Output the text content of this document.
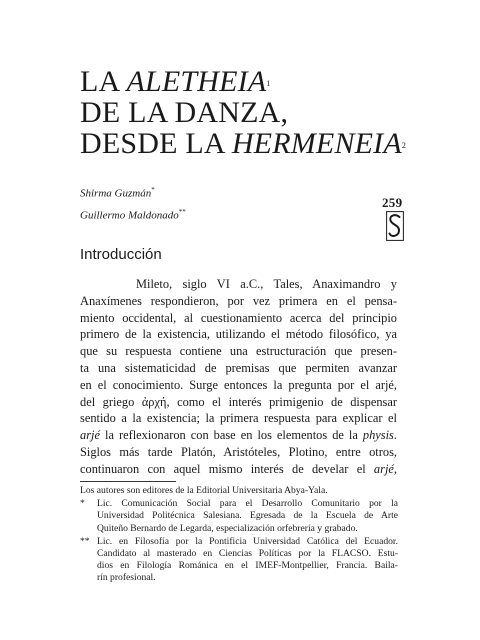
LA ALETHEIA$^1$
DE LA DANZA,
DESDE LA HERMENEIA$^2$
Shirma Guzmán*
Guillermo Maldonado**
259
Introducción
Mileto, siglo VI a.C., Tales, Anaximandro y
Anaxímenes respondieron, por vez primera en el pensa-
miento occidental, al cuestionamiento acerca del principio
primero de la existencia, utilizando el método filosófico, ya
que su respuesta contiene una estructuración que presen-
ta una sistematicidad de premisas que permiten avanzar
en el conocimiento. Surge entonces la pregunta por el arjé,
del griego ἀρχή, como el interés primigenio de dispensar
sentido a la existencia; la primera respuesta para explicar el
arjé la reflexionaron con base en los elementos de la physis.
Siglos más tarde Platón, Aristóteles, Plotino, entre otros,
continuaron con aquel mismo interés de develar el arjé,
Los autores son editores de la Editorial Universitaria Abya-Yala.
* Lic. Comunicación Social para el Desarrollo Comunitario por la
Universidad Politécnica Salesiana. Egresada de la Escuela de Arte
Quiteño Bernardo de Legarda, especialización orfebrería y grabado.
** Lic. en Filosofía por la Pontificia Universidad Católica del Ecuador.
Candidato al masterado en Ciencias Políticas por la FLACSO. Estu-
dios en Filología Románica en el IMEF-Montpellier, Francia. Baila-
rín profesional.
